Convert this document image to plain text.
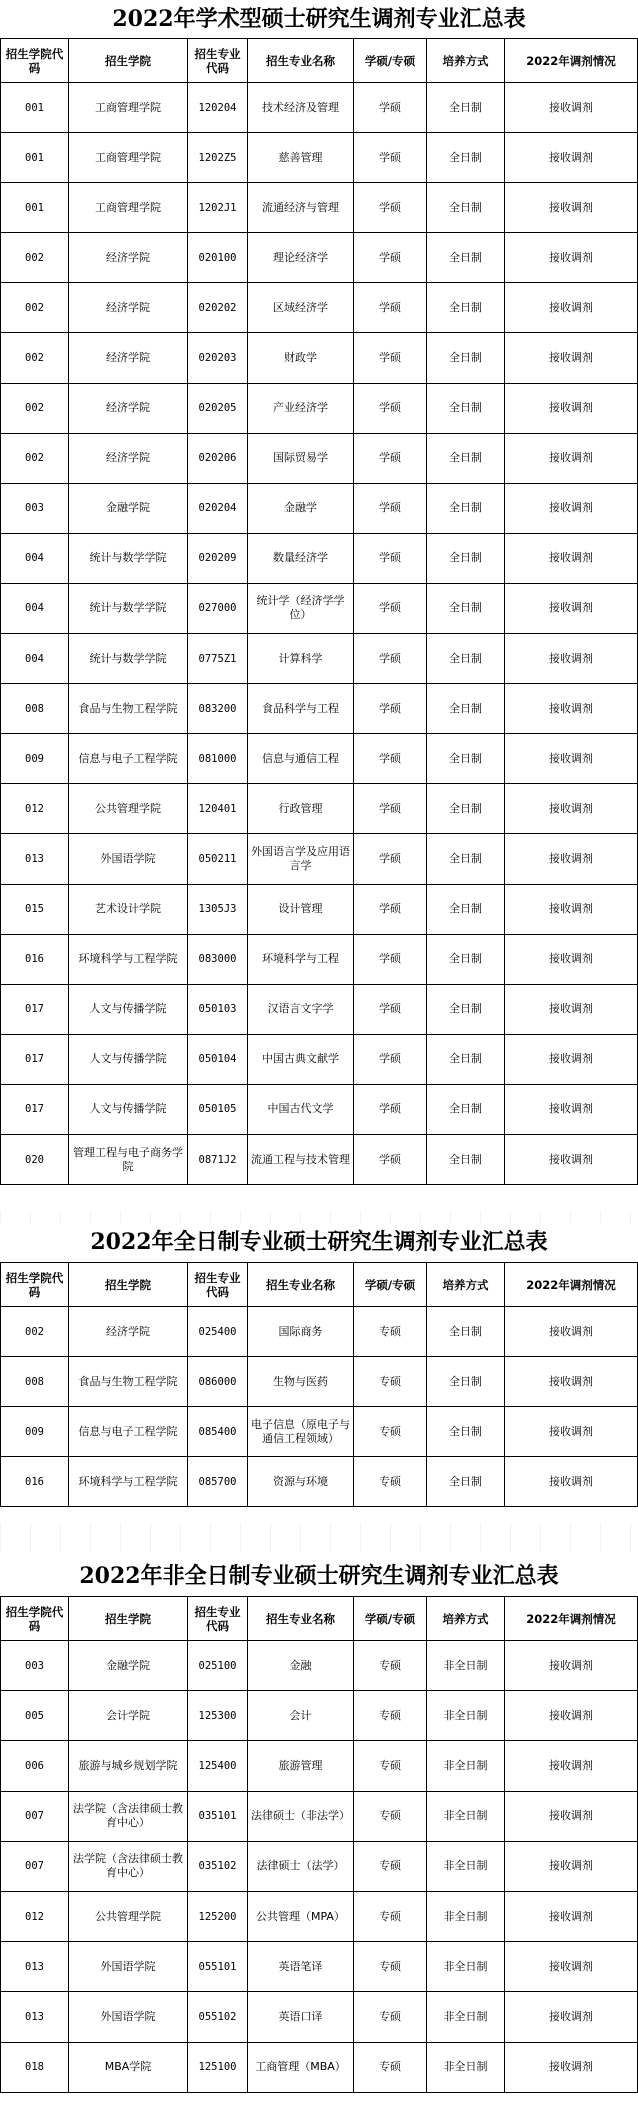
2022年学术型硕士研究生调剂专业汇总表
招生学院代码	招生学院	招生专业代码	招生专业名称	学硕/专硕	培养方式	2022年调剂情况
001	工商管理学院	120204	技术经济及管理	学硕	全日制	接收调剂
001	工商管理学院	1202Z5	慈善管理	学硕	全日制	接收调剂
001	工商管理学院	1202J1	流通经济与管理	学硕	全日制	接收调剂
002	经济学院	020100	理论经济学	学硕	全日制	接收调剂
002	经济学院	020202	区域经济学	学硕	全日制	接收调剂
002	经济学院	020203	财政学	学硕	全日制	接收调剂
002	经济学院	020205	产业经济学	学硕	全日制	接收调剂
002	经济学院	020206	国际贸易学	学硕	全日制	接收调剂
003	金融学院	020204	金融学	学硕	全日制	接收调剂
004	统计与数学学院	020209	数量经济学	学硕	全日制	接收调剂
004	统计与数学学院	027000	统计学（经济学学位）	学硕	全日制	接收调剂
004	统计与数学学院	0775Z1	计算科学	学硕	全日制	接收调剂
008	食品与生物工程学院	083200	食品科学与工程	学硕	全日制	接收调剂
009	信息与电子工程学院	081000	信息与通信工程	学硕	全日制	接收调剂
012	公共管理学院	120401	行政管理	学硕	全日制	接收调剂
013	外国语学院	050211	外国语言学及应用语言学	学硕	全日制	接收调剂
015	艺术设计学院	1305J3	设计管理	学硕	全日制	接收调剂
016	环境科学与工程学院	083000	环境科学与工程	学硕	全日制	接收调剂
017	人文与传播学院	050103	汉语言文字学	学硕	全日制	接收调剂
017	人文与传播学院	050104	中国古典文献学	学硕	全日制	接收调剂
017	人文与传播学院	050105	中国古代文学	学硕	全日制	接收调剂
020	管理工程与电子商务学院	0871J2	流通工程与技术管理	学硕	全日制	接收调剂
2022年全日制专业硕士研究生调剂专业汇总表
招生学院代码	招生学院	招生专业代码	招生专业名称	学硕/专硕	培养方式	2022年调剂情况
002	经济学院	025400	国际商务	专硕	全日制	接收调剂
008	食品与生物工程学院	086000	生物与医药	专硕	全日制	接收调剂
009	信息与电子工程学院	085400	电子信息（原电子与通信工程领域）	专硕	全日制	接收调剂
016	环境科学与工程学院	085700	资源与环境	专硕	全日制	接收调剂
2022年非全日制专业硕士研究生调剂专业汇总表
招生学院代码	招生学院	招生专业代码	招生专业名称	学硕/专硕	培养方式	2022年调剂情况
003	金融学院	025100	金融	专硕	非全日制	接收调剂
005	会计学院	125300	会计	专硕	非全日制	接收调剂
006	旅游与城乡规划学院	125400	旅游管理	专硕	非全日制	接收调剂
007	法学院（含法律硕士教育中心）	035101	法律硕士（非法学）	专硕	非全日制	接收调剂
007	法学院（含法律硕士教育中心）	035102	法律硕士（法学）	专硕	非全日制	接收调剂
012	公共管理学院	125200	公共管理（MPA）	专硕	非全日制	接收调剂
013	外国语学院	055101	英语笔译	专硕	非全日制	接收调剂
013	外国语学院	055102	英语口译	专硕	非全日制	接收调剂
018	MBA学院	125100	工商管理（MBA）	专硕	非全日制	接收调剂
